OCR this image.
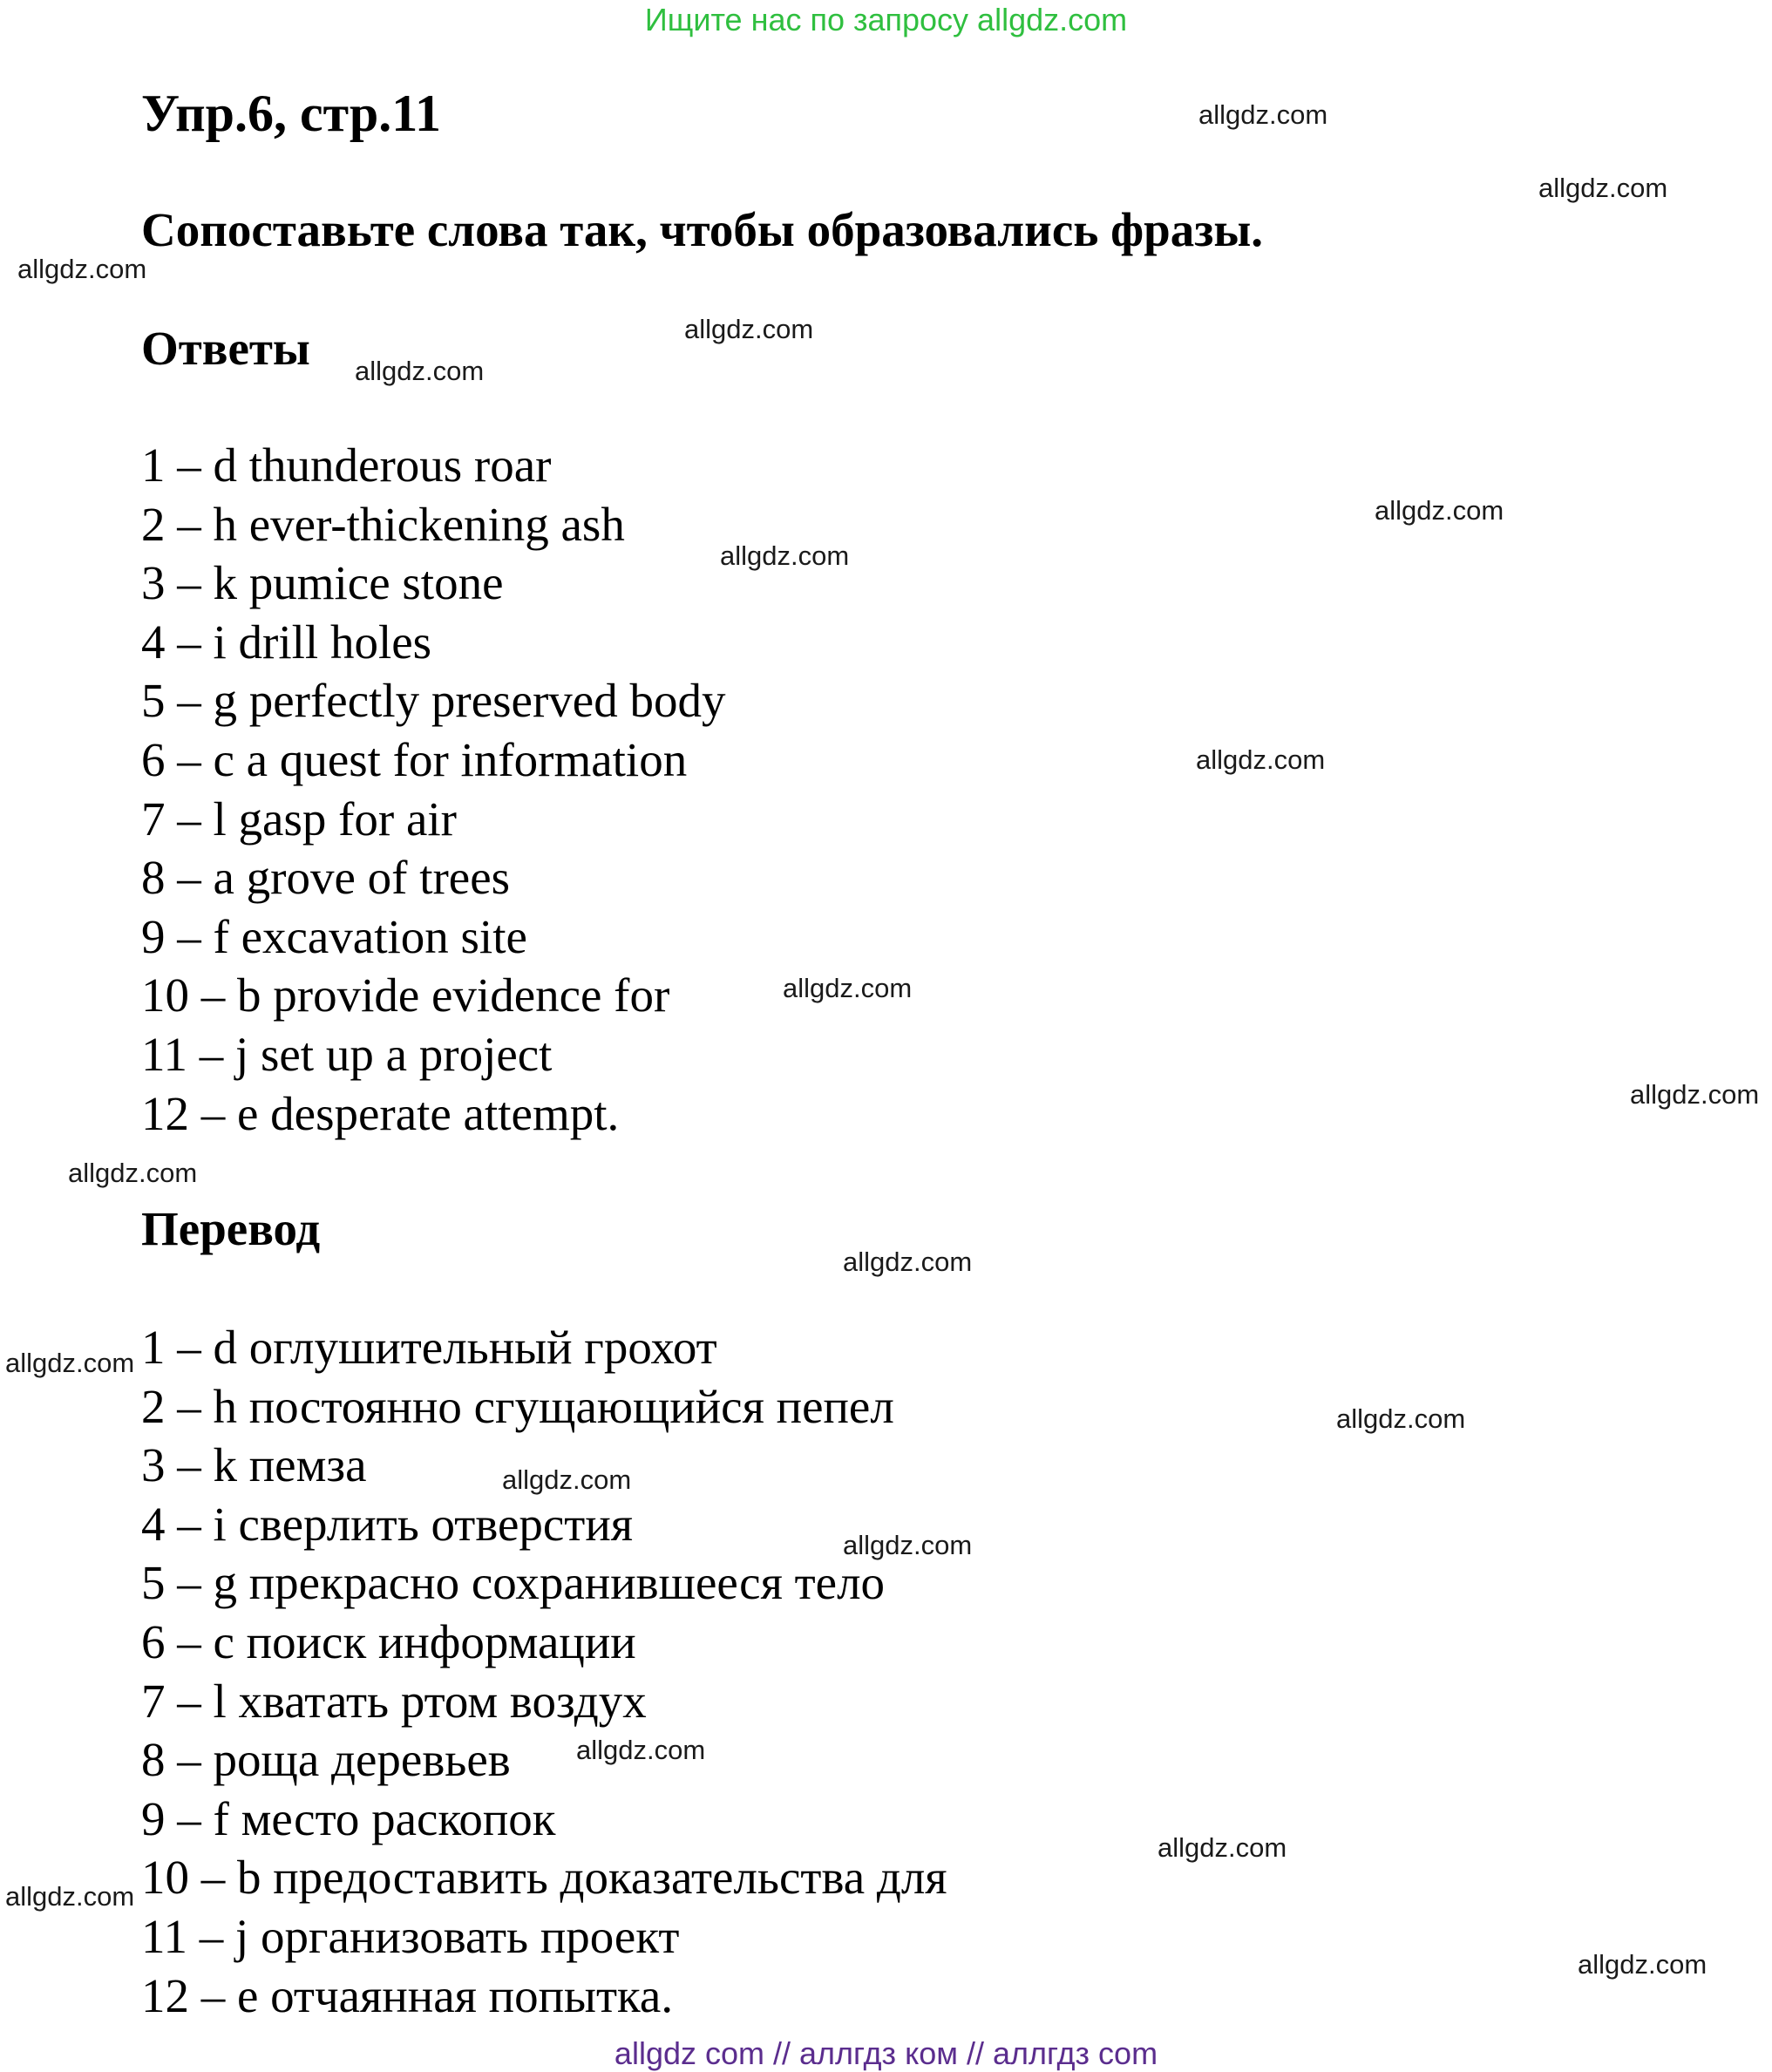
Ищите нас по запросу allgdz.com
Упр.6, стр.11
Сопоставьте слова так, чтобы образовались фразы.
Ответы
1 – d thunderous roar
2 – h ever-thickening ash
3 – k pumice stone
4 – i drill holes
5 – g perfectly preserved body
6 – c a quest for information
7 – l gasp for air
8 – a grove of trees
9 – f excavation site
10 – b provide evidence for
11 – j set up a project
12 – e desperate attempt.
Перевод
1 – d оглушительный грохот
2 – h постоянно сгущающийся пепел
3 – k пемза
4 – i сверлить отверстия
5 – g прекрасно сохранившееся тело
6 – c поиск информации
7 – l хватать ртом воздух
8 – роща деревьев
9 – f место раскопок
10 – b предоставить доказательства для
11 – j организовать проект
12 – e отчаянная попытка.
allgdz.com
allgdz.com
allgdz.com
allgdz.com
allgdz.com
allgdz.com
allgdz.com
allgdz.com
allgdz.com
allgdz.com
allgdz.com
allgdz.com
allgdz.com
allgdz.com
allgdz.com
allgdz.com
allgdz.com
allgdz.com
allgdz.com
allgdz.com
allgdz com // аллгдз ком // аллгдз com
